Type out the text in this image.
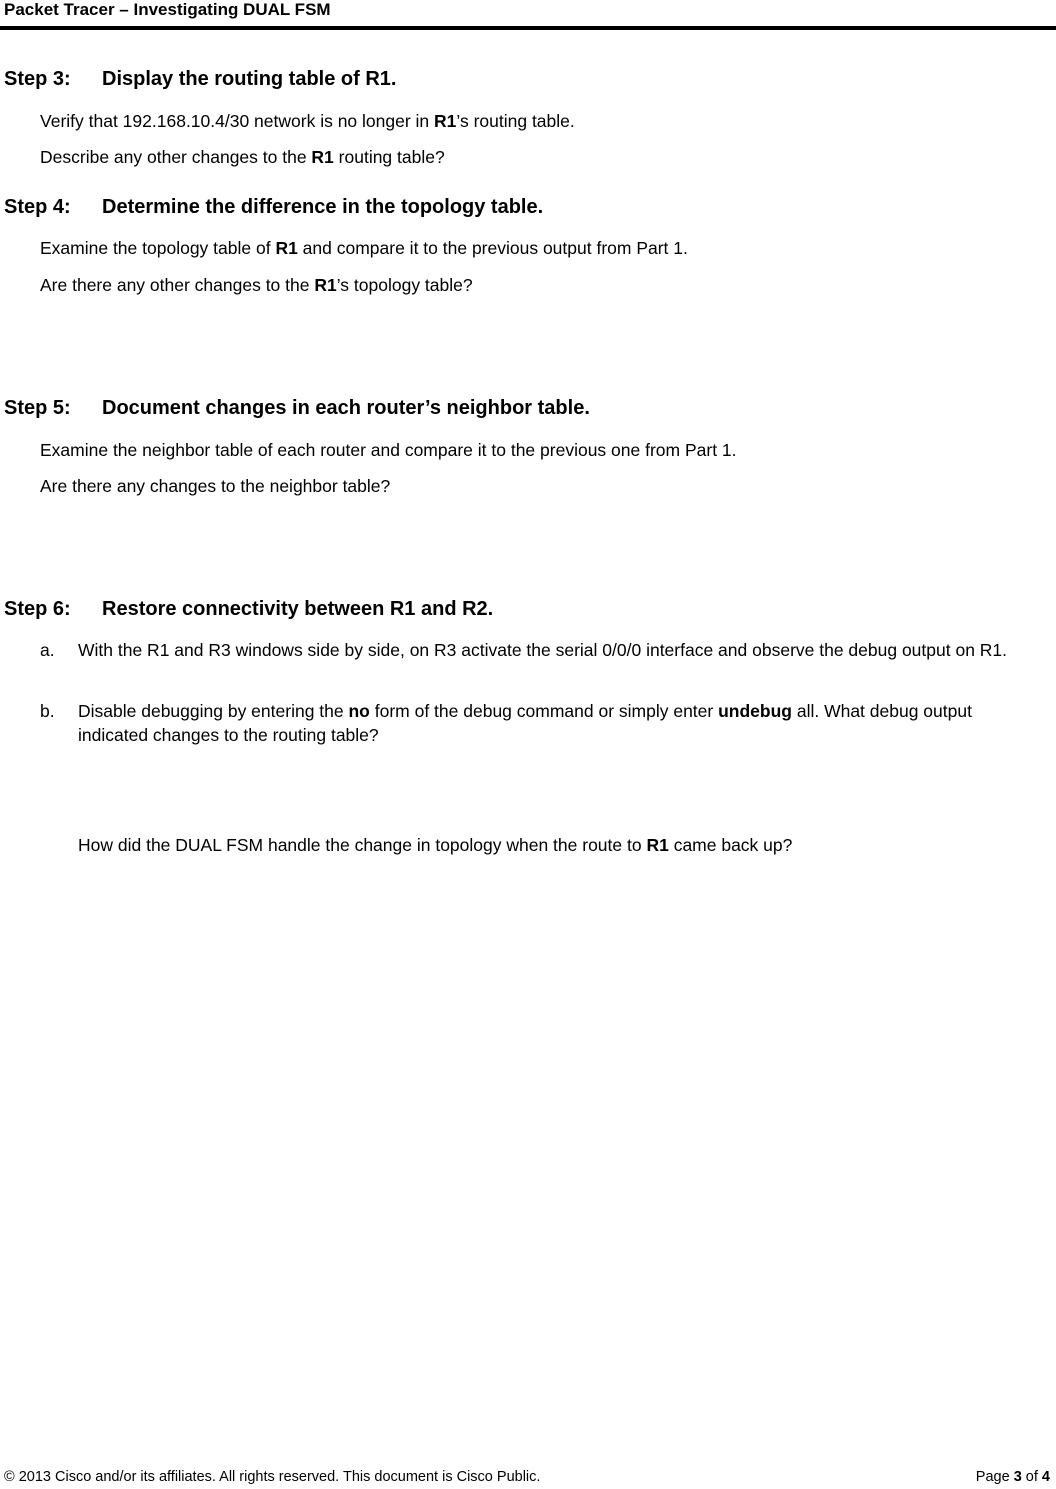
Packet Tracer – Investigating DUAL FSM
Step 3: Display the routing table of R1.
Verify that 192.168.10.4/30 network is no longer in R1’s routing table.
Describe any other changes to the R1 routing table?
Step 4: Determine the difference in the topology table.
Examine the topology table of R1 and compare it to the previous output from Part 1.
Are there any other changes to the R1’s topology table?
Step 5: Document changes in each router’s neighbor table.
Examine the neighbor table of each router and compare it to the previous one from Part 1.
Are there any changes to the neighbor table?
Step 6: Restore connectivity between R1 and R2.
a. With the R1 and R3 windows side by side, on R3 activate the serial 0/0/0 interface and observe the debug output on R1.
b. Disable debugging by entering the no form of the debug command or simply enter undebug all. What debug output indicated changes to the routing table?
How did the DUAL FSM handle the change in topology when the route to R1 came back up?
© 2013 Cisco and/or its affiliates. All rights reserved. This document is Cisco Public.	Page 3 of 4
